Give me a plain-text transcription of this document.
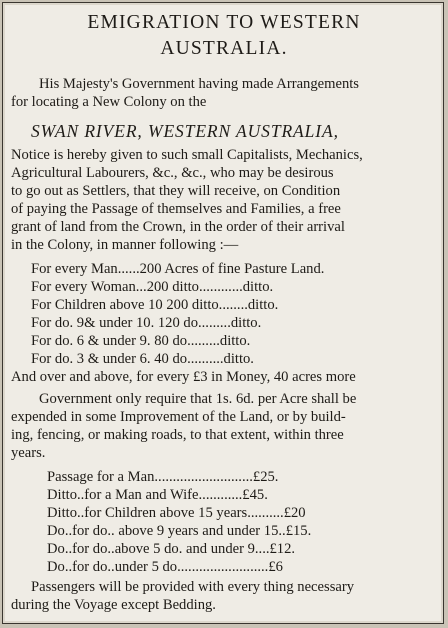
EMIGRATION TO WESTERN
AUSTRALIA.
His Majesty's Government having made Arrangements
for locating a New Colony on the
SWAN RIVER, WESTERN AUSTRALIA,
Notice is hereby given to such small Capitalists, Mechanics,
Agricultural Labourers, &c., &c., who may be desirous
to go out as Settlers, that they will receive, on Condition
of paying the Passage of themselves and Families, a free
grant of land from the Crown, in the order of their arrival
in the Colony, in manner following :—
For every Man......200 Acres of fine Pasture Land.
For every Woman...200 ditto............ditto.
For Children above 10 200 ditto........ditto.
For do. 9& under 10. 120 do.........ditto.
For do. 6 & under 9. 80 do.........ditto.
For do. 3 & under 6. 40 do..........ditto.
And over and above, for every £3 in Money, 40 acres more
Government only require that 1s. 6d. per Acre shall be
expended in some Improvement of the Land, or by build-
ing, fencing, or making roads, to that extent, within three
years.
Passage for a Man...........................£25.
Ditto..for a Man and Wife............£45.
Ditto..for Children above 15 years..........£20
Do..for do.. above 9 years and under 15..£15.
Do..for do..above 5 do. and under 9....£12.
Do..for do..under 5 do.........................£6
Passengers will be provided with every thing necessary
during the Voyage except Bedding.
